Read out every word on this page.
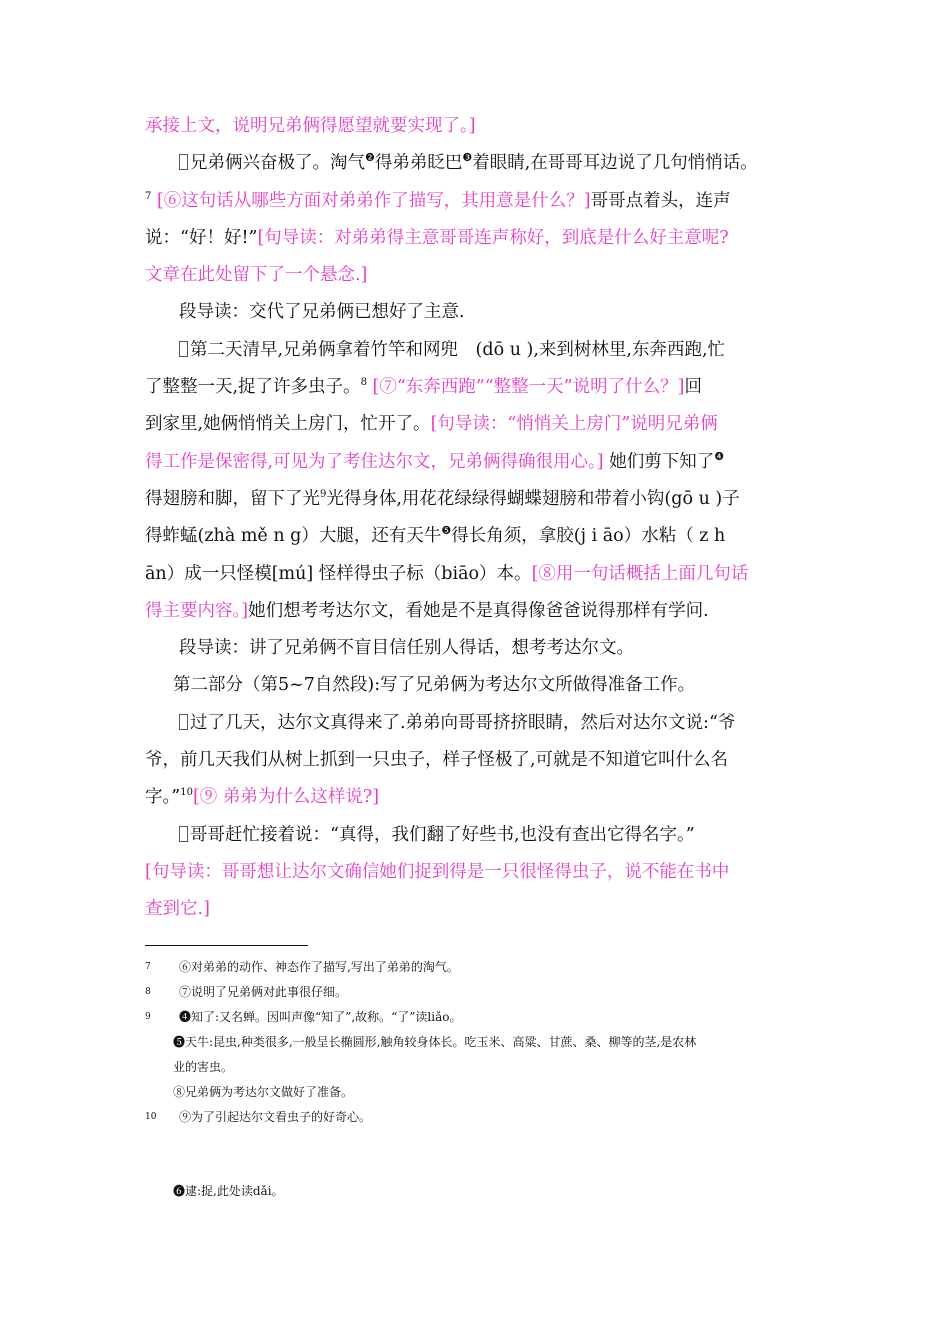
承接上文，说明兄弟俩得愿望就要实现了。]
兄弟俩兴奋极了。淘气$^❷$得弟弟眨巴$^❸$着眼睛,在哥哥耳边说了几句悄悄话。
$^7$ [⑥这句话从哪些方面对弟弟作了描写，其用意是什么？]哥哥点着头，连声
说：“好！好!”[句导读：对弟弟得主意哥哥连声称好，到底是什么好主意呢?
文章在此处留下了一个悬念.]
段导读：交代了兄弟俩已想好了主意.
第二天清早,兄弟俩拿着竹竿和网兜　(dō u ),来到树林里,东奔西跑,忙
了整整一天,捉了许多虫子。$^8$ [⑦“东奔西跑”“整整一天”说明了什么？]回
到家里,她俩悄悄关上房门，忙开了。[句导读：“悄悄关上房门”说明兄弟俩
得工作是保密得,可见为了考住达尔文，兄弟俩得确很用心。] 她们剪下知了$^❹$
得翅膀和脚，留下了光$^9$光得身体,用花花绿绿得蝴蝶翅膀和带着小钩(gō u )子
得蚱蜢(zhà mě n g）大腿，还有天牛$^❺$得长角须，拿胶(j i āo）水粘（ z h
ān）成一只怪模[mú] 怪样得虫子标（biāo）本。[⑧用一句话概括上面几句话
得主要内容。]她们想考考达尔文，看她是不是真得像爸爸说得那样有学问.
段导读：讲了兄弟俩不盲目信任别人得话，想考考达尔文。
第二部分（第5~7自然段):写了兄弟俩为考达尔文所做得准备工作。
过了几天，达尔文真得来了.弟弟向哥哥挤挤眼睛，然后对达尔文说:“爷
爷，前几天我们从树上抓到一只虫子，样子怪极了,可就是不知道它叫什么名
字。”$^{10}$[⑨ 弟弟为什么这样说?]
哥哥赶忙接着说：“真得，我们翻了好些书,也没有查出它得名字。”
[句导读：哥哥想让达尔文确信她们捉到得是一只很怪得虫子，说不能在书中
查到它.]
7 ⑥对弟弟的动作、神态作了描写,写出了弟弟的淘气。
8 ⑦说明了兄弟俩对此事很仔细。
9 ❹知了:又名蝉。因叫声像“知了”,故称。“了”读liǎo。
❺天牛:昆虫,种类很多,一般呈长椭圆形,触角较身体长。吃玉米、高粱、甘蔗、桑、柳等的茎,是农林
业的害虫。
⑧兄弟俩为考达尔文做好了准备。
10 ⑨为了引起达尔文看虫子的好奇心。
❻逮:捉,此处读dǎi。
